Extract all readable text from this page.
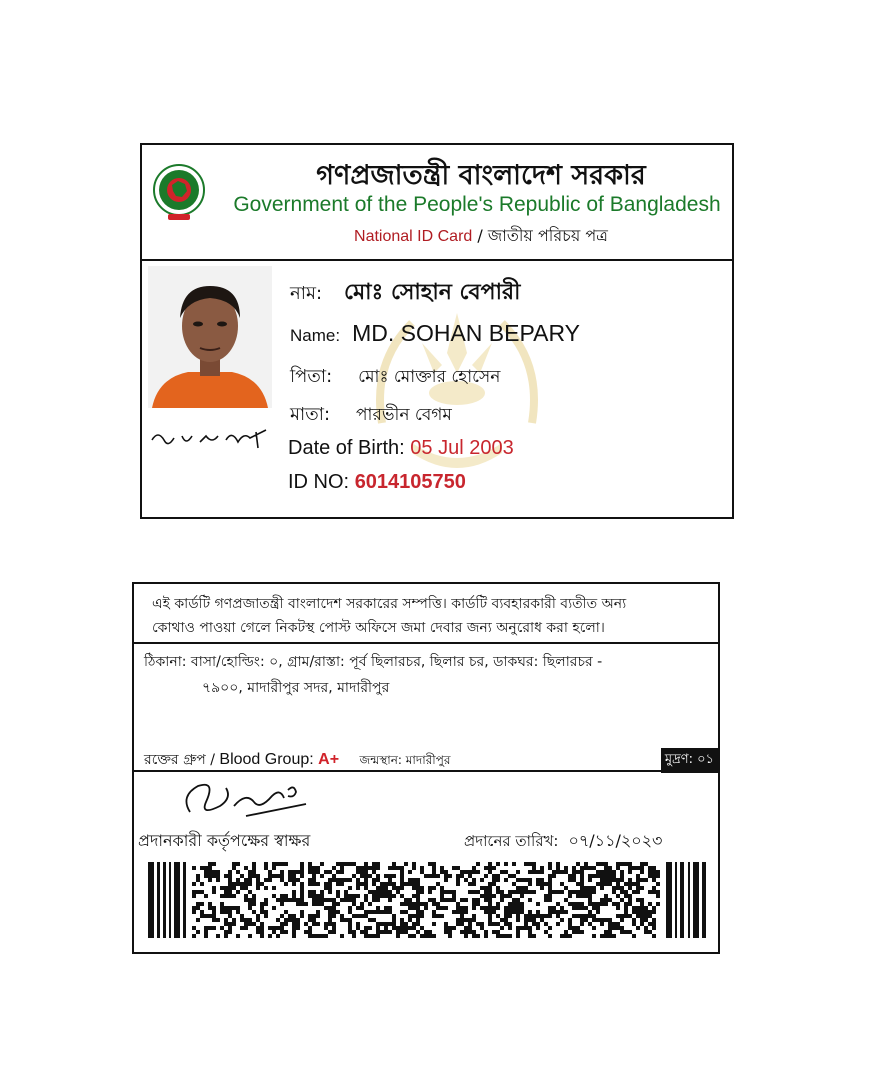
গণপ্রজাতন্ত্রী বাংলাদেশ সরকার
Government of the People's Republic of Bangladesh
National ID Card / জাতীয় পরিচয় পত্র
নাম: মোঃ সোহান বেপারী
Name: MD. SOHAN BEPARY
পিতা: মোঃ মোক্তার হোসেন
মাতা: পারভীন বেগম
Date of Birth: 05 Jul 2003
ID NO: 6014105750
এই কার্ডটি গণপ্রজাতন্ত্রী বাংলাদেশ সরকারের সম্পত্তি। কার্ডটি ব্যবহারকারী ব্যতীত অন্য
কোথাও পাওয়া গেলে নিকটস্থ পোস্ট অফিসে জমা দেবার জন্য অনুরোধ করা হলো।
ঠিকানা: বাসা/হোল্ডিং: ০, গ্রাম/রাস্তা: পূর্ব ছিলারচর, ছিলার চর, ডাকঘর: ছিলারচর -
৭৯০০, মাদারীপুর সদর, মাদারীপুর
রক্তের গ্রুপ / Blood Group: A+ জন্মস্থান: মাদারীপুর	মুদ্রণ: ০১
প্রদানকারী কর্তৃপক্ষের স্বাক্ষর	প্রদানের তারিখ: ০৭/১১/২০২৩
